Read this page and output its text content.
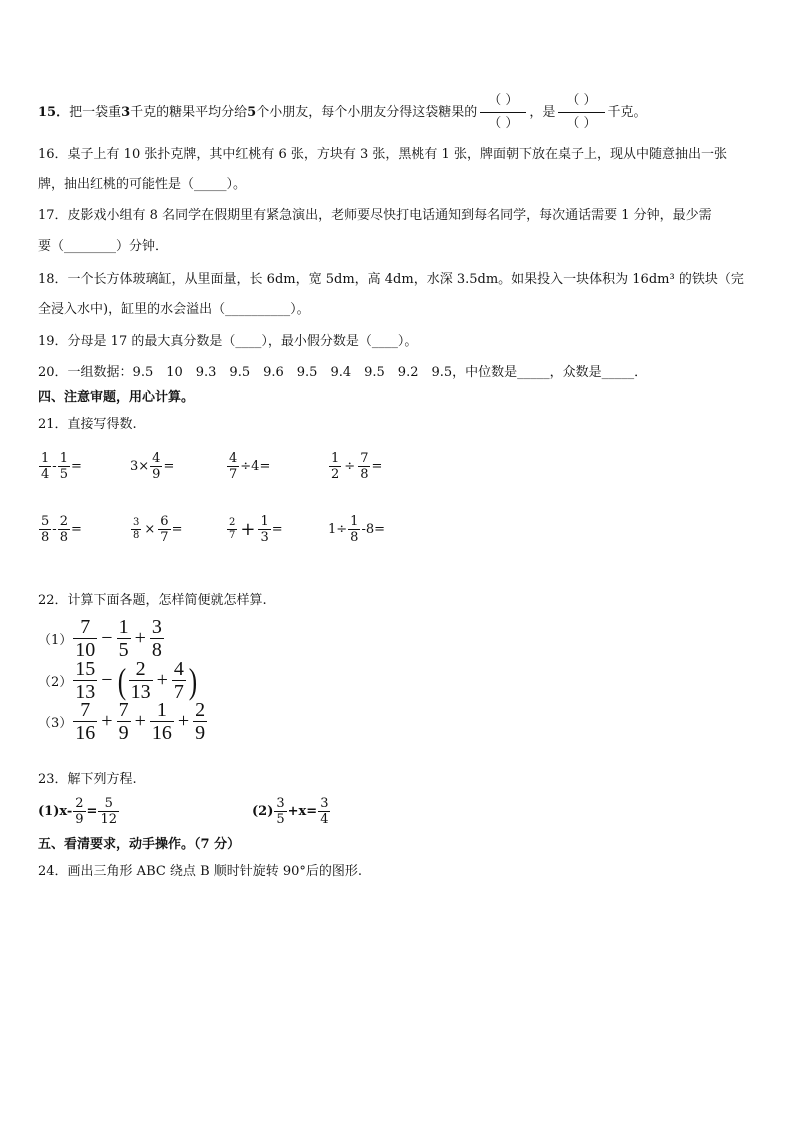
15． 把一袋重 3 千克的糖果平均分给 5 个小朋友，每个小朋友分得这袋糖果的
（ ）
（ ）
，是
（ ）
（ ）
千克。
16．桌子上有 10 张扑克牌，其中红桃有 6 张，方块有 3 张，黑桃有 1 张，牌面朝下放在桌子上，现从中随意抽出一张
牌，抽出红桃的可能性是（_____）。
17．皮影戏小组有 8 名同学在假期里有紧急演出，老师要尽快打电话通知到每名同学，每次通话需要 1 分钟，最少需
要（________）分钟．
18．一个长方体玻璃缸，从里面量，长 6dm，宽 5dm，高 4dm，水深 3.5dm。如果投入一块体积为 16dm³ 的铁块（完
全浸入水中)，缸里的水会溢出（__________）。
19．分母是 17 的最大真分数是（____），最小假分数是（____）。
20．一组数据：9.5　10　9.3　9.5　9.6　9.5　9.4　9.5　9.2　9.5，中位数是_____，众数是_____．
四、注意审题，用心计算。
21．直接写得数.
$\frac{1}{4} - \frac{1}{5}$ =	$3\times \frac{4}{9}$ =	$\frac{4}{7} \div 4=$	$\frac{1}{2} \div \frac{7}{8}$ =
$\frac{5}{8} - \frac{2}{8}$ =	$\frac{3}{8} \times \frac{6}{7}$ =	$\frac{2}{7} + \frac{1}{3}$ =	$1\div \frac{1}{8} -8=$
22．计算下面各题，怎样简便就怎样算.
$(1) \frac{7}{10} - \frac{1}{5} + \frac{3}{8}$
$(2) \frac{15}{13}$ − ( $\frac{2}{13} + \frac{4}{7}$ )
$(3) \frac{7}{16} + \frac{7}{9} + \frac{1}{16} + \frac{2}{9}$
23．解下列方程.
$(1)x- \frac{2}{9} = \frac{5}{12}$	$(2) \frac{3}{5} +x= \frac{3}{4}$
五、看清要求，动手操作。（7 分）
24．画出三角形 ABC 绕点 B 顺时针旋转 90°后的图形.
